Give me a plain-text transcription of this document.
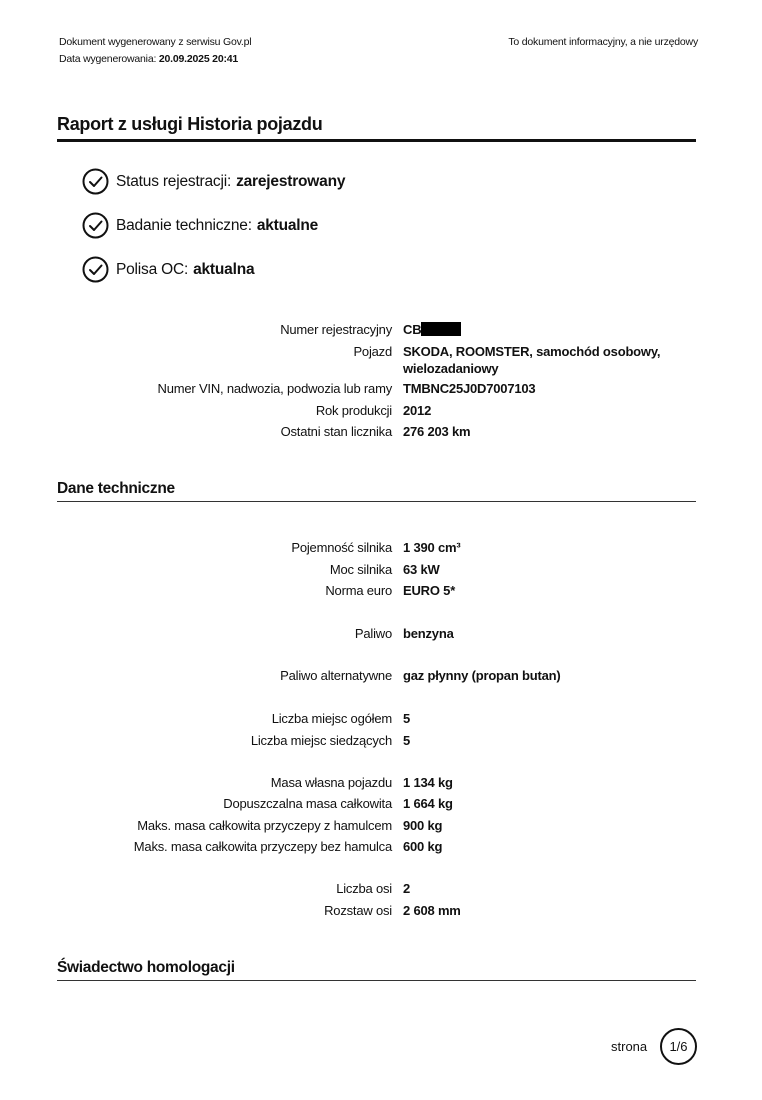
Dokument wygenerowany z serwisu Gov.pl
Data wygenerowania: 20.09.2025 20:41
To dokument informacyjny, a nie urzędowy
Raport z usługi Historia pojazdu
Status rejestracji: zarejestrowany
Badanie techniczne: aktualne
Polisa OC: aktualna
Numer rejestracyjny CB
Pojazd SKODA, ROOMSTER, samochód osobowy,
wielozadaniowy
Numer VIN, nadwozia, podwozia lub ramy TMBNC25J0D7007103
Rok produkcji 2012
Ostatni stan licznika 276 203 km
Dane techniczne
Pojemność silnika 1 390 cm³
Moc silnika 63 kW
Norma euro EURO 5*
Paliwo benzyna
Paliwo alternatywne gaz płynny (propan butan)
Liczba miejsc ogółem 5
Liczba miejsc siedzących 5
Masa własna pojazdu 1 134 kg
Dopuszczalna masa całkowita 1 664 kg
Maks. masa całkowita przyczepy z hamulcem 900 kg
Maks. masa całkowita przyczepy bez hamulca 600 kg
Liczba osi 2
Rozstaw osi 2 608 mm
Świadectwo homologacji
strona 1/6
